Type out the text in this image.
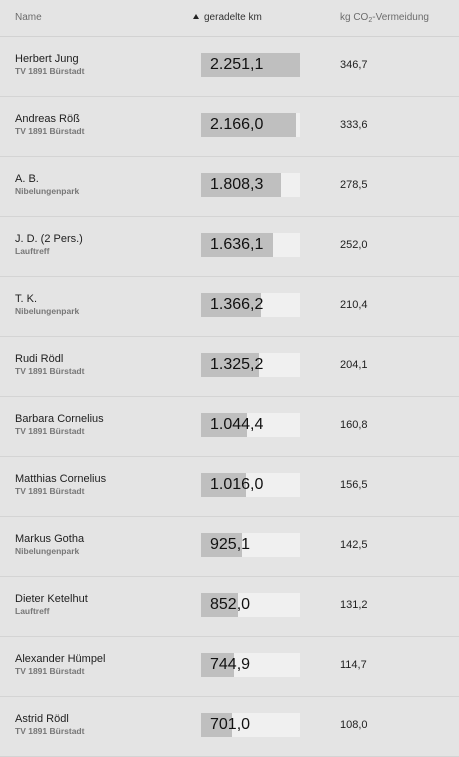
Name	geradelte km	kg $CO_2$-Vermeidung
Herbert Jung
TV 1891 Bürstadt	2.251,1	346,7
Andreas Röß
TV 1891 Bürstadt	2.166,0	333,6
A. B.
Nibelungenpark	1.808,3	278,5
J. D. (2 Pers.)
Lauftreff	1.636,1	252,0
T. K.
Nibelungenpark	1.366,2	210,4
Rudi Rödl
TV 1891 Bürstadt	1.325,2	204,1
Barbara Cornelius
TV 1891 Bürstadt	1.044,4	160,8
Matthias Cornelius
TV 1891 Bürstadt	1.016,0	156,5
Markus Gotha
Nibelungenpark	925,1	142,5
Dieter Ketelhut
Lauftreff	852,0	131,2
Alexander Hümpel
TV 1891 Bürstadt	744,9	114,7
Astrid Rödl
TV 1891 Bürstadt	701,0	108,0
